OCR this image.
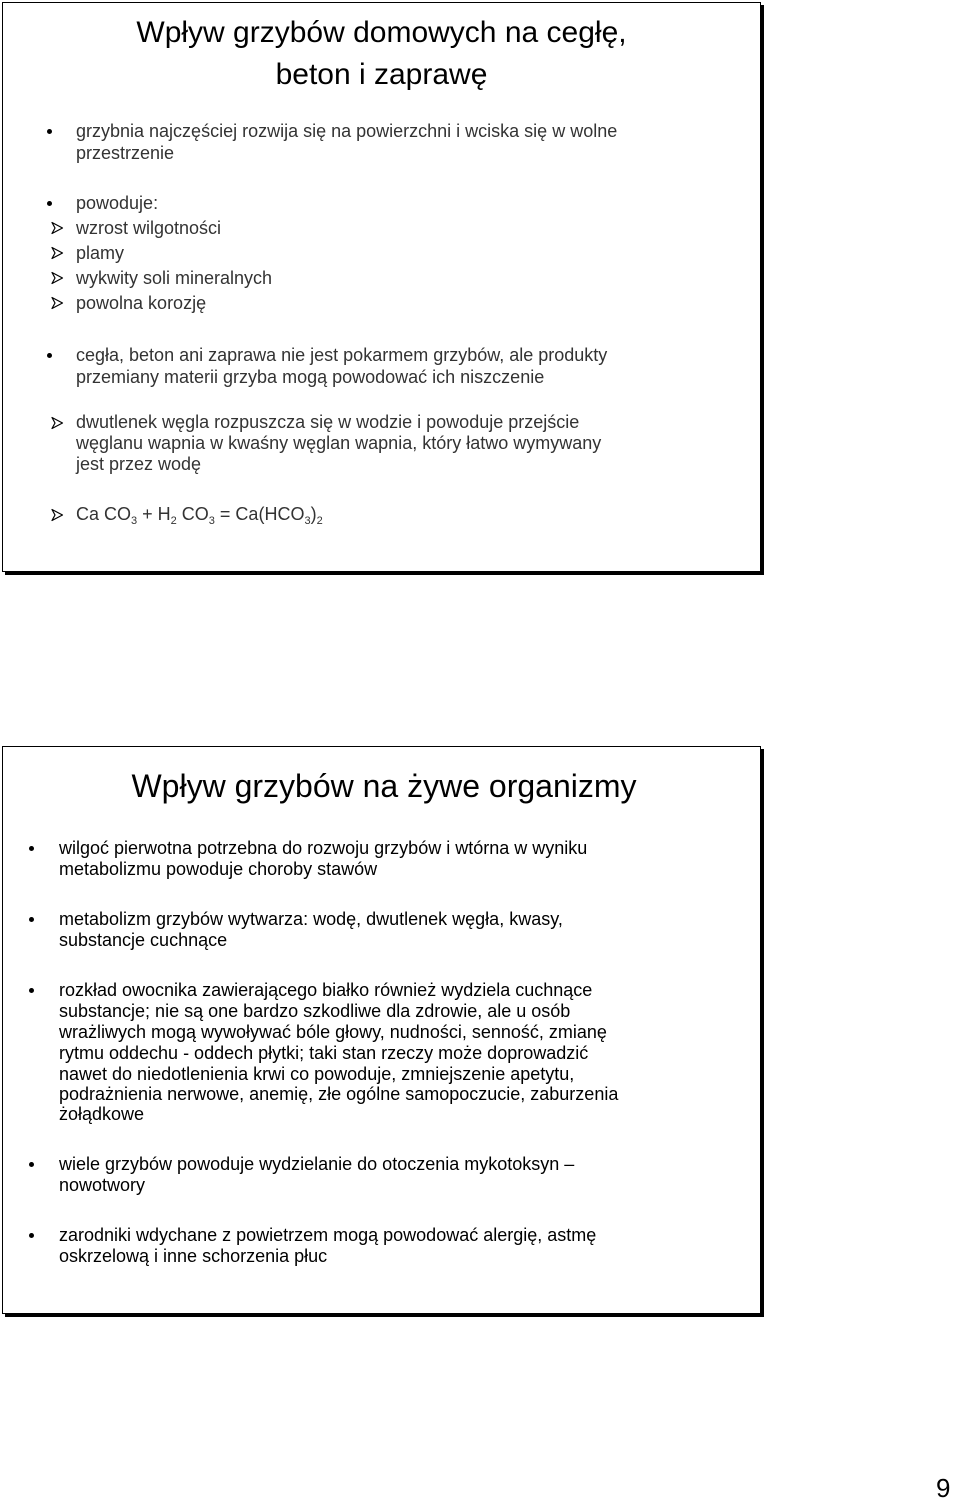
Wpływ grzybów domowych na cegłę,
beton i zaprawę
grzybnia najczęściej rozwija się na powierzchni i wciska się w wolne
przestrzenie
powoduje:
wzrost wilgotności
plamy
wykwity soli mineralnych
powolna korozję
cegła, beton ani zaprawa nie jest pokarmem grzybów, ale produkty
przemiany materii grzyba mogą powodować ich niszczenie
dwutlenek węgla rozpuszcza się w wodzie i powoduje przejście
węglanu wapnia w kwaśny węglan wapnia, który łatwo wymywany
jest przez wodę
Ca $CO_3 + H_2$ $CO_3 = Ca(HCO_3)_2$
Wpływ grzybów na żywe organizmy
wilgoć pierwotna potrzebna do rozwoju grzybów i wtórna w wyniku
metabolizmu powoduje choroby stawów
metabolizm grzybów wytwarza: wodę, dwutlenek węgła, kwasy,
substancje cuchnące
rozkład owocnika zawierającego białko również wydziela cuchnące
substancje; nie są one bardzo szkodliwe dla zdrowie, ale u osób
wrażliwych mogą wywoływać bóle głowy, nudności, senność, zmianę
rytmu oddechu - oddech płytki; taki stan rzeczy może doprowadzić
nawet do niedotlenienia krwi co powoduje, zmniejszenie apetytu,
podrażnienia nerwowe, anemię, złe ogólne samopoczucie, zaburzenia
żołądkowe
wiele grzybów powoduje wydzielanie do otoczenia mykotoksyn –
nowotwory
zarodniki wdychane z powietrzem mogą powodować alergię, astmę
oskrzelową i inne schorzenia płuc
9
